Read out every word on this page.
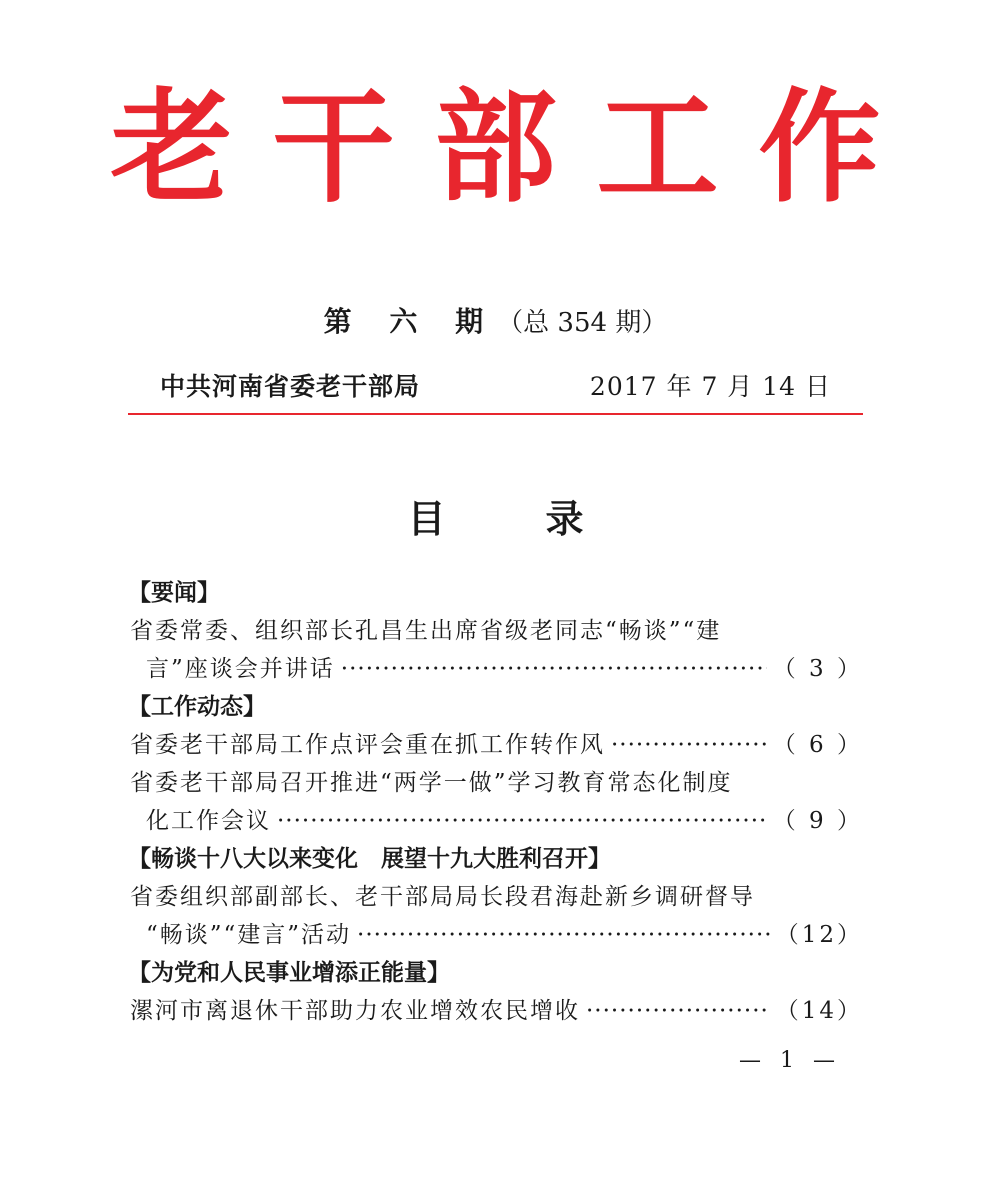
老干部工作
第 六 期（总 354 期）
中共河南省委老干部局	2017 年 7 月 14 日
目录
【要闻】
省委常委、组织部长孔昌生出席省级老同志“畅谈”“建
言”座谈会并讲话 ·····	（ 3 ）
【工作动态】
省委老干部局工作点评会重在抓工作转作风 ·····	（ 6 ）
省委老干部局召开推进“两学一做”学习教育常态化制度
化工作会议 ·····	（ 9 ）
【畅谈十八大以来变化　展望十九大胜利召开】
省委组织部副部长、老干部局局长段君海赴新乡调研督导
“畅谈”“建言”活动 ·····	（12）
【为党和人民事业增添正能量】
漯河市离退休干部助力农业增效农民增收 ·····	（14）
— 1 —
